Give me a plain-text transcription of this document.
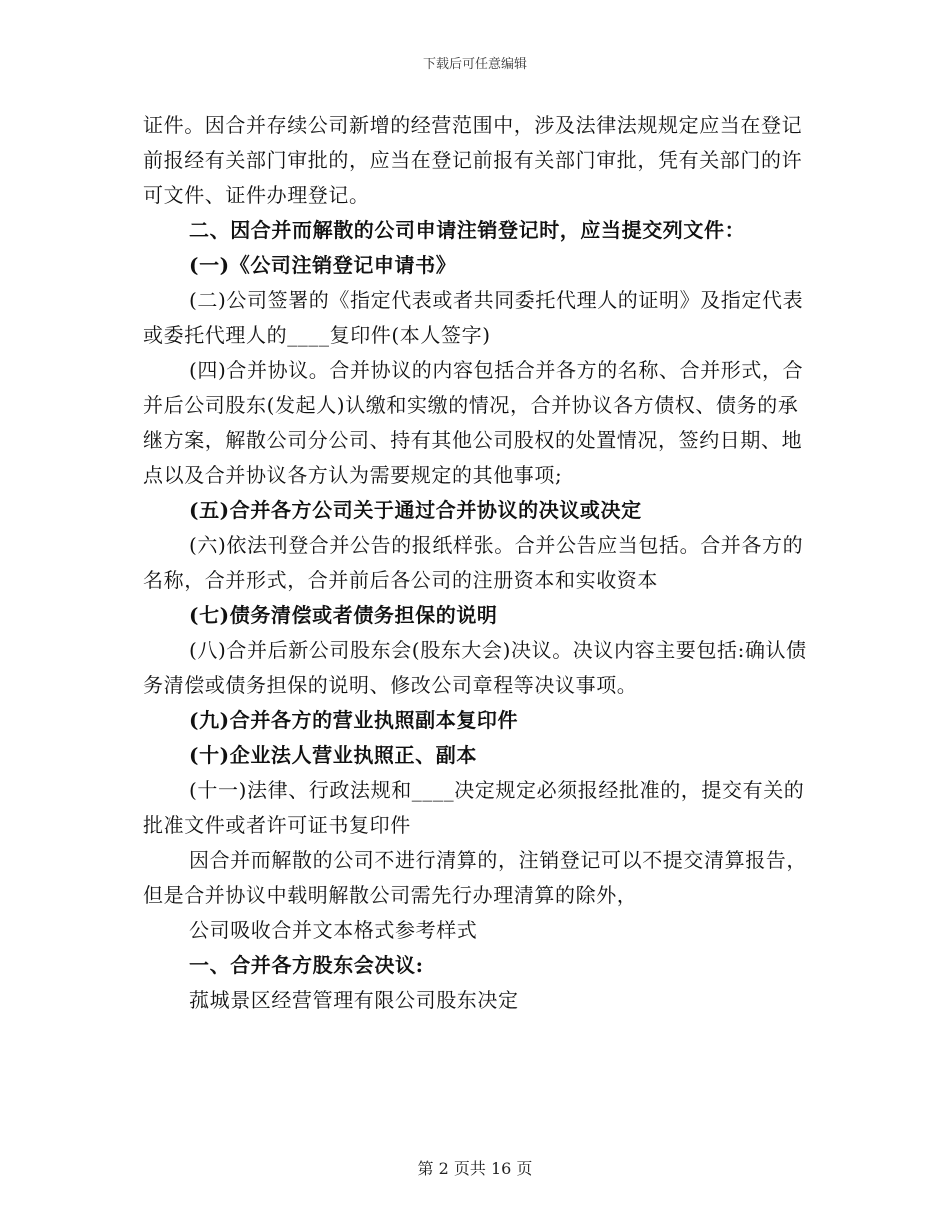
下载后可任意编辑

证件。因合并存续公司新增的经营范围中，涉及法律法规规定应当在登记前报经有关部门审批的，应当在登记前报有关部门审批，凭有关部门的许可文件、证件办理登记。

二、因合并而解散的公司申请注销登记时，应当提交列文件：

(一)《公司注销登记申请书》

(二)公司签署的《指定代表或者共同委托代理人的证明》及指定代表或委托代理人的____复印件(本人签字)

(四)合并协议。合并协议的内容包括合并各方的名称、合并形式，合并后公司股东(发起人)认缴和实缴的情况，合并协议各方债权、债务的承继方案，解散公司分公司、持有其他公司股权的处置情况，签约日期、地点以及合并协议各方认为需要规定的其他事项;

(五)合并各方公司关于通过合并协议的决议或决定

(六)依法刊登合并公告的报纸样张。合并公告应当包括。合并各方的名称，合并形式，合并前后各公司的注册资本和实收资本

(七)债务清偿或者债务担保的说明

(八)合并后新公司股东会(股东大会)决议。决议内容主要包括:确认债务清偿或债务担保的说明、修改公司章程等决议事项。

(九)合并各方的营业执照副本复印件

(十)企业法人营业执照正、副本

(十一)法律、行政法规和____决定规定必须报经批准的，提交有关的批准文件或者许可证书复印件

因合并而解散的公司不进行清算的，注销登记可以不提交清算报告，但是合并协议中载明解散公司需先行办理清算的除外，

公司吸收合并文本格式参考样式

一、合并各方股东会决议:

菰城景区经营管理有限公司股东决定

第 2 页共 16 页
